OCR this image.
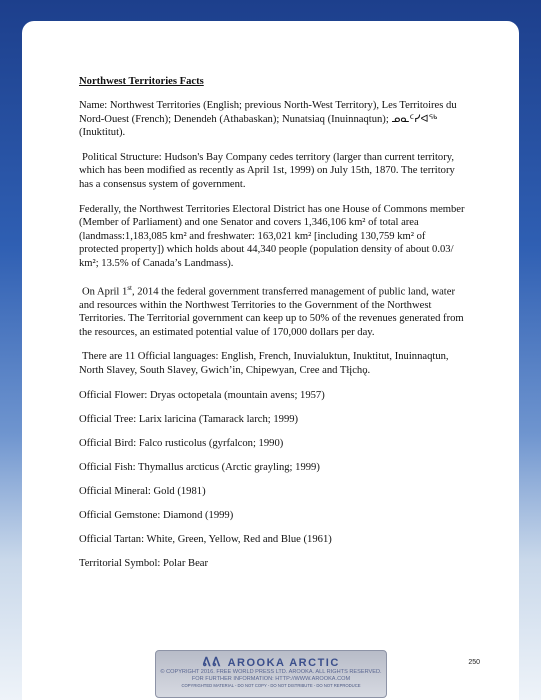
Northwest Territories Facts

Name: Northwest Territories (English; previous North-West Territory), Les Territoires du Nord-Ouest (French); Denendeh (Athabaskan); Nunatsiaq (Inuinnaqtun); ᓄᓇᑦᓯᐊᖅ (Inuktitut).

Political Structure: Hudson's Bay Company cedes territory (larger than current territory, which has been modified as recently as April 1st, 1999) on July 15th, 1870. The territory has a consensus system of government.

Federally, the Northwest Territories Electoral District has one House of Commons member (Member of Parliament) and one Senator and covers 1,346,106 km² of total area (landmass:1,183,085 km² and freshwater: 163,021 km² [including 130,759 km² of protected property]) which holds about 44,340 people (population density of about 0.03/ km²; 13.5% of Canada’s Landmass).

On April 1st, 2014 the federal government transferred management of public land, water and resources within the Northwest Territories to the Government of the Northwest Territories. The Territorial government can keep up to 50% of the revenues generated from the resources, an estimated potential value of 170,000 dollars per day.

There are 11 Official languages: English, French, Inuvialuktun, Inuktitut, Inuinnaqtun, North Slavey, South Slavey, Gwich’in, Chipewyan, Cree and Tłįchǫ.

Official Flower: Dryas octopetala (mountain avens; 1957)

Official Tree: Larix laricina (Tamarack larch; 1999)

Official Bird: Falco rusticolus (gyrfalcon; 1990)

Official Fish: Thymallus arcticus (Arctic grayling; 1999)

Official Mineral: Gold (1981)

Official Gemstone: Diamond (1999)

Official Tartan: White, Green, Yellow, Red and Blue (1961)

Territorial Symbol: Polar Bear

250
ᕕᕕ AROOKA ARCTIC
© COPYRIGHT 2016. FREE WORLD PRESS LTD. AROOKA. ALL RIGHTS RESERVED.
FOR FURTHER INFORMATION: HTTP://WWW.AROOKA.COM
COPYRIGHTED MATERIAL - DO NOT COPY - DO NOT DISTRIBUTE - DO NOT REPRODUCE
